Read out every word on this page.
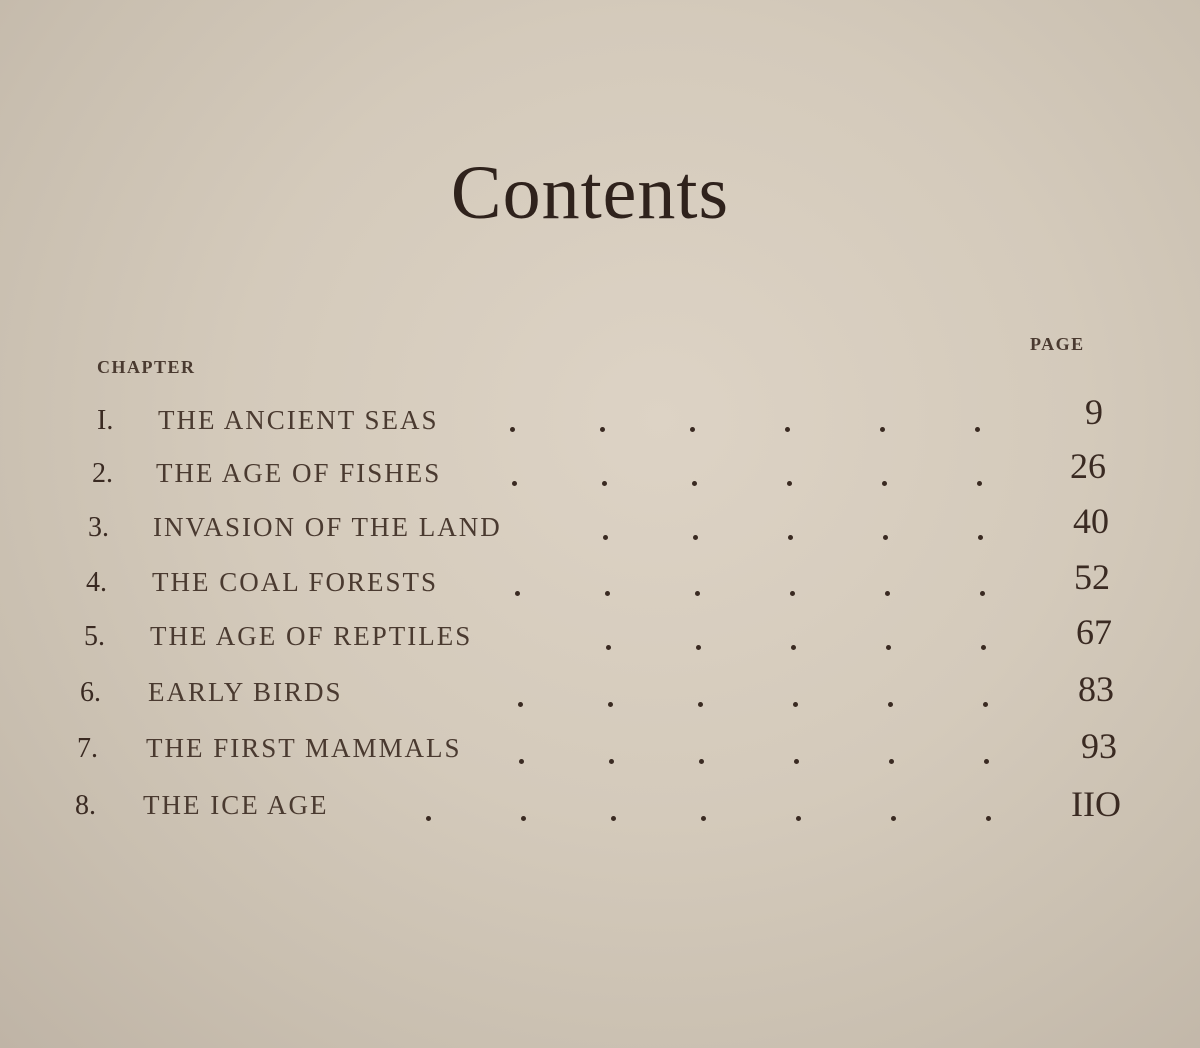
Contents
CHAPTER
PAGE
I. THE ANCIENT SEAS	9
2. THE AGE OF FISHES	26
3. INVASION OF THE LAND	40
4. THE COAL FORESTS	52
5. THE AGE OF REPTILES	67
6. EARLY BIRDS	83
7. THE FIRST MAMMALS	93
8. THE ICE AGE	IIO
